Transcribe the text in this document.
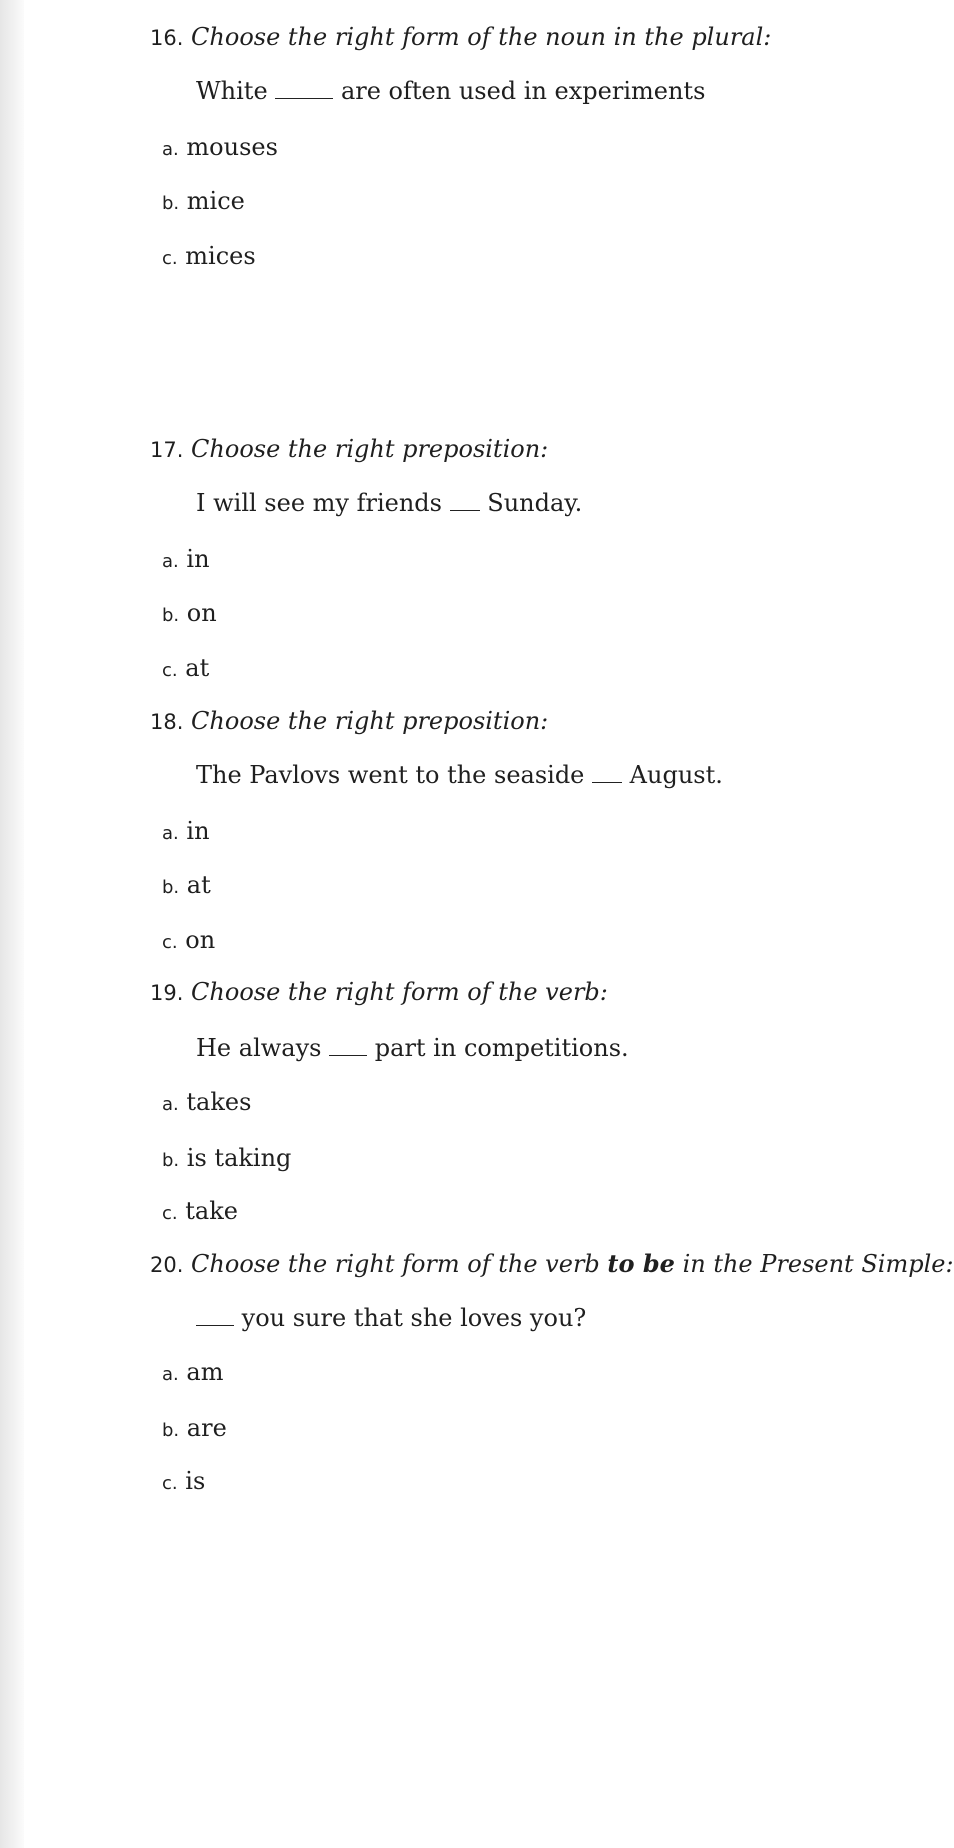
16. Choose the right form of the noun in the plural:
White	are often used in experiments
a. mouses
b. mice
c. mices
17. Choose the right preposition:
I will see my friends Sunday.
a. in
b. on
c. at
18. Choose the right preposition:
The Pavlovs went to the seaside August.
a. in
b. at
c. on
19. Choose the right form of the verb:
He always part in competitions.
a. takes
b. is taking
c. take
20. Choose the right form of the verb to be in the Present Simple:
you sure that she loves you?
a. am
b. are
c. is
